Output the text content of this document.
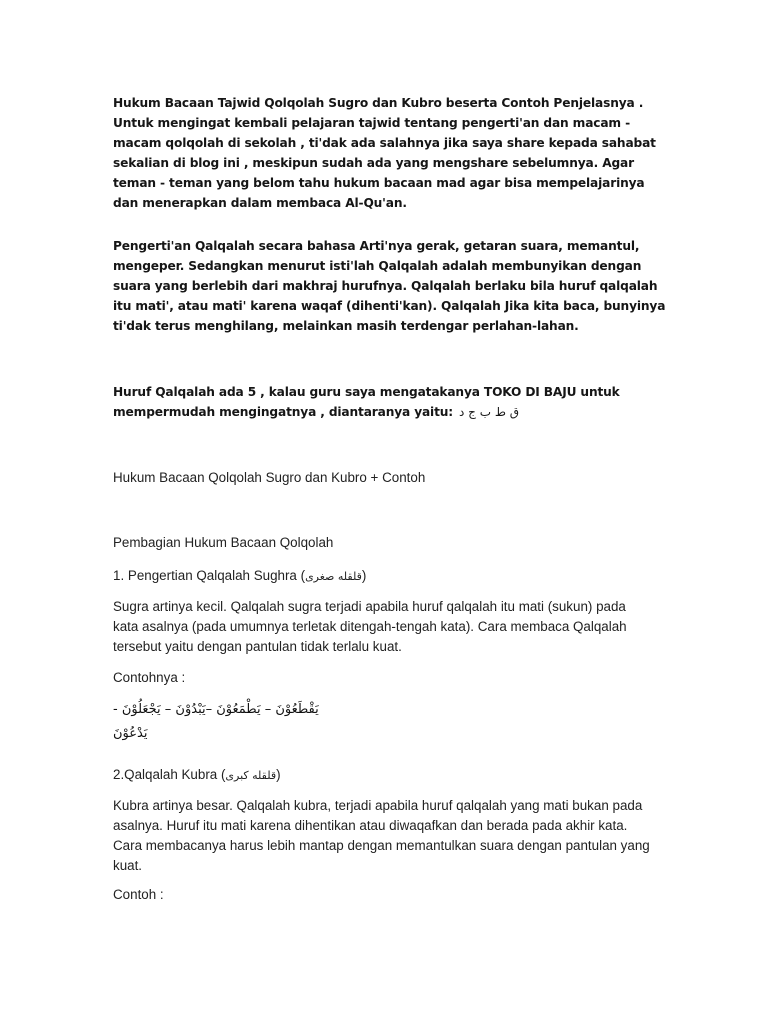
Hukum Bacaan Tajwid Qolqolah Sugro dan Kubro beserta Contoh Penjelasnya . Untuk mengingat kembali pelajaran tajwid tentang pengerti'an dan macam - macam qolqolah di sekolah , ti'dak ada salahnya jika saya share kepada sahabat sekalian di blog ini , meskipun sudah ada yang mengshare sebelumnya. Agar teman - teman yang belom tahu hukum bacaan mad agar bisa mempelajarinya dan menerapkan dalam membaca Al-Qu'an.

Pengerti'an Qalqalah secara bahasa Arti'nya gerak, getaran suara, memantul, mengeper. Sedangkan menurut isti'lah Qalqalah adalah membunyikan dengan suara yang berlebih dari makhraj hurufnya. Qalqalah berlaku bila huruf qalqalah itu mati', atau mati' karena waqaf (dihenti'kan). Qalqalah Jika kita baca, bunyinya ti'dak terus menghilang, melainkan masih terdengar perlahan-lahan.

Huruf Qalqalah ada 5 , kalau guru saya mengatakanya TOKO DI BAJU untuk mempermudah mengingatnya , diantaranya yaitu: ق ط ب ج د

Hukum Bacaan Qolqolah Sugro dan Kubro + Contoh

Pembagian Hukum Bacaan Qolqolah

1. Pengertian Qalqalah Sughra (قلقله صغرى)

Sugra artinya kecil. Qalqalah sugra terjadi apabila huruf qalqalah itu mati (sukun) pada kata asalnya (pada umumnya terletak ditengah-tengah kata). Cara membaca Qalqalah tersebut yaitu dengan pantulan tidak terlalu kuat.

Contohnya :

يَقْطَعُوْنَ – يَطْمَعُوْنَ –يَبْدُوْنَ – يَجْعَلُوْنَ - يَدْعُوْنَ

2.Qalqalah Kubra (قلقله كبرى)

Kubra artinya besar. Qalqalah kubra, terjadi apabila huruf qalqalah yang mati bukan pada asalnya. Huruf itu mati karena dihentikan atau diwaqafkan dan berada pada akhir kata. Cara membacanya harus lebih mantap dengan memantulkan suara dengan pantulan yang kuat.

Contoh :
